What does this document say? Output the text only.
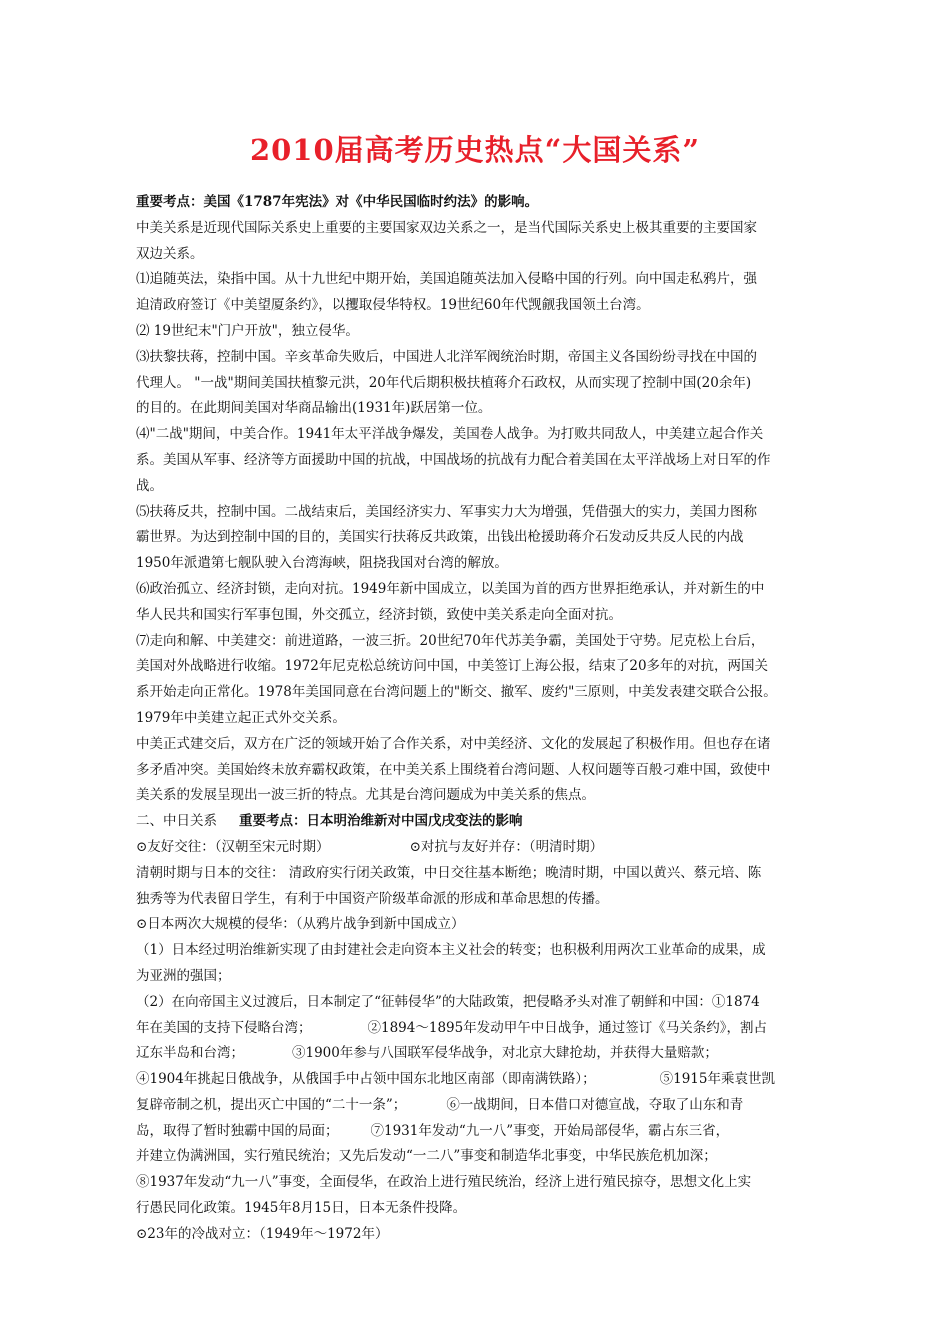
2010届高考历史热点“大国关系”

重要考点：美国《1787年宪法》对《中华民国临时约法》的影响。

中美关系是近现代国际关系史上重要的主要国家双边关系之一，是当代国际关系史上极其重要的主要国家

双边关系。

⑴追随英法，染指中国。从十九世纪中期开始，美国追随英法加入侵略中国的行列。向中国走私鸦片，强

迫清政府签订《中美望厦条约》，以攫取侵华特权。19世纪60年代觊觎我国领土台湾。

⑵ 19世纪末"门户开放"，独立侵华。

⑶扶黎扶蒋，控制中国。辛亥革命失败后，中国进人北洋军阀统治时期，帝国主义各国纷纷寻找在中国的

代理人。 "一战"期间美国扶植黎元洪，20年代后期积极扶植蒋介石政权，从而实现了控制中国(20余年)

的目的。在此期间美国对华商品输出(1931年)跃居第一位。

⑷"二战"期间，中美合作。1941年太平洋战争爆发，美国卷人战争。为打败共同敌人，中美建立起合作关

系。美国从军事、经济等方面援助中国的抗战，中国战场的抗战有力配合着美国在太平洋战场上对日军的作

战。

⑸扶蒋反共，控制中国。二战结束后，美国经济实力、军事实力大为增强，凭借强大的实力，美国力图称

霸世界。为达到控制中国的目的，美国实行扶蒋反共政策，出钱出枪援助蒋介石发动反共反人民的内战

1950年派遣第七舰队驶入台湾海峡，阻挠我国对台湾的解放。

⑹政治孤立、经济封锁，走向对抗。1949年新中国成立，以美国为首的西方世界拒绝承认，并对新生的中

华人民共和国实行军事包围，外交孤立，经济封锁，致使中美关系走向全面对抗。

⑺走向和解、中美建交：前进道路，一波三折。20世纪70年代苏美争霸，美国处于守势。尼克松上台后，

美国对外战略进行收缩。1972年尼克松总统访问中国，中美签订上海公报，结束了20多年的对抗，两国关

系开始走向正常化。1978年美国同意在台湾问题上的"断交、撤军、废约"三原则，中美发表建交联合公报。

1979年中美建立起正式外交关系。

中美正式建交后，双方在广泛的领域开始了合作关系，对中美经济、文化的发展起了积极作用。但也存在诸

多矛盾冲突。美国始终未放弃霸权政策，在中美关系上围绕着台湾问题、人权问题等百般刁难中国，致使中

美关系的发展呈现出一波三折的特点。尤其是台湾问题成为中美关系的焦点。

二、中日关系 重要考点：日本明治维新对中国戊戌变法的影响

⊙友好交往：（汉朝至宋元时期）	⊙对抗与友好并存：（明清时期）

清朝时期与日本的交往： 清政府实行闭关政策，中日交往基本断绝；晚清时期，中国以黄兴、蔡元培、陈

独秀等为代表留日学生，有利于中国资产阶级革命派的形成和革命思想的传播。

⊙日本两次大规模的侵华：（从鸦片战争到新中国成立）

（1）日本经过明治维新实现了由封建社会走向资本主义社会的转变；也积极利用两次工业革命的成果，成

为亚洲的强国；

（2）在向帝国主义过渡后，日本制定了“征韩侵华”的大陆政策，把侵略矛头对准了朝鲜和中国：①1874

年在美国的支持下侵略台湾；	②1894～1895年发动甲午中日战争，通过签订《马关条约》，割占

辽东半岛和台湾；	③1900年参与八国联军侵华战争，对北京大肆抢劫，并获得大量赔款；

④1904年挑起日俄战争，从俄国手中占领中国东北地区南部（即南满铁路）；	⑤1915年乘袁世凯

复辟帝制之机，提出灭亡中国的“二十一条”；	⑥一战期间，日本借口对德宣战，夺取了山东和青

岛，取得了暂时独霸中国的局面； ⑦1931年发动“九一八”事变，开始局部侵华，霸占东三省，

并建立伪满洲国，实行殖民统治；又先后发动“一二八”事变和制造华北事变，中华民族危机加深；

⑧1937年发动“九一八”事变，全面侵华，在政治上进行殖民统治，经济上进行殖民掠夺，思想文化上实

行愚民同化政策。1945年8月15日，日本无条件投降。

⊙23年的冷战对立：（1949年～1972年）
